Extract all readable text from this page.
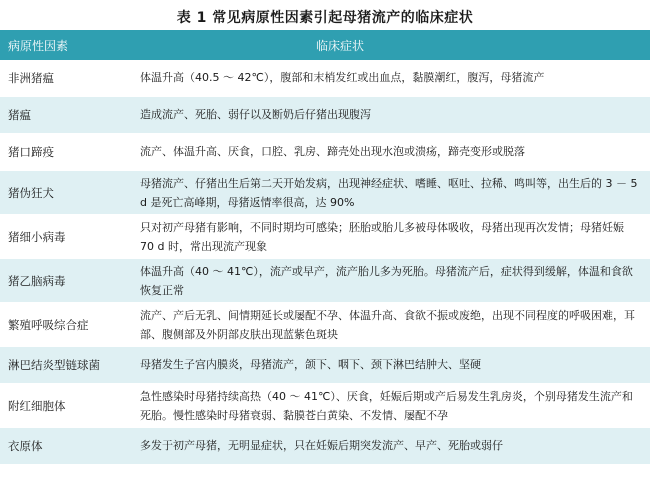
表 1 常见病原性因素引起母猪流产的临床症状
病原性因素	临床症状
非洲猪瘟	体温升高（40.5 ～ 42℃），腹部和末梢发红或出血点，黏膜潮红，腹泻，母猪流产
猪瘟	造成流产、死胎、弱仔以及断奶后仔猪出现腹泻
猪口蹄疫	流产、体温升高、厌食，口腔、乳房、蹄壳处出现水泡或溃疡，蹄壳变形或脱落
猪伪狂犬	母猪流产、仔猪出生后第二天开始发病，出现神经症状、嗜睡、呕吐、拉稀、鸣叫等，出生后的 3 － 5 d 是死亡高峰期，母猪返情率很高，达 90%
猪细小病毒	只对初产母猪有影响，不同时期均可感染；胚胎或胎儿多被母体吸收，母猪出现再次发情；母猪妊娠 70 d 时，常出现流产现象
猪乙脑病毒	体温升高（40 ～ 41℃），流产或早产，流产胎儿多为死胎。母猪流产后，症状得到缓解，体温和食欲恢复正常
繁殖呼吸综合症	流产、产后无乳、间情期延长或屡配不孕、体温升高、食欲不振或废绝，出现不同程度的呼吸困难，耳部、腹侧部及外阴部皮肤出现蓝紫色斑块
淋巴结炎型链球菌	母猪发生子宫内膜炎，母猪流产，颌下、咽下、颈下淋巴结肿大、坚硬
附红细胞体	急性感染时母猪持续高热（40 ～ 41℃）、厌食，妊娠后期或产后易发生乳房炎，个别母猪发生流产和死胎。慢性感染时母猪衰弱、黏膜苍白黄染、不发情、屡配不孕
衣原体	多发于初产母猪，无明显症状，只在妊娠后期突发流产、早产、死胎或弱仔
